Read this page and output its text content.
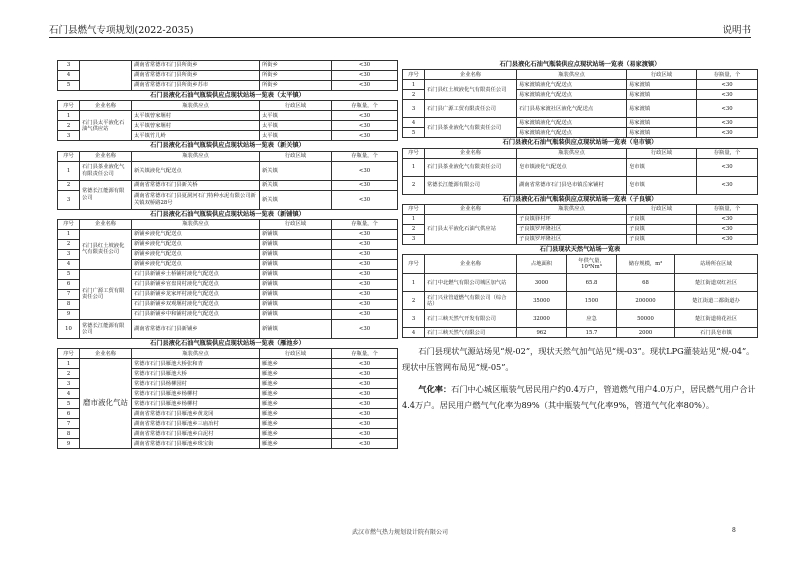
石门县燃气专项规划(2022-2035)	说明书
3		湖南省常德市石门县所街乡	所街乡	<30
4		湖南省常德市石门县所街乡	所街乡	<30
5		湖南省常德市石门县所街乡苏市	所街乡	<30
石门县液化石油气瓶装供应点现状站场一览表（太平镇）				
序号	企业名称	瓶装供应点	行政区域	存瓶量，个
1	石门县太平液化石油气供应站	太平镇曾家堰村	太平镇	<30
2		太平镇曾家堰村	太平镇	<30
3		太平镇竹儿岭	太平镇	<30
石门县液化石油气瓶装供应点现状站场一览表（新关镇）				
序号	企业名称	瓶装供应点	行政区域	存瓶量，个
1	石门县茶业液化气有限责任公司	新关镇液化气配送点	新关镇	<30
2	常德长江能源有限公司	湖南省常德市石门县新关桥	新关镇	<30
3		湖南省常德市石门县夏洞河石门特种水泥有限公司新关镇双桥路28号	新关镇	<30
石门县液化石油气瓶装供应点现状站场一览表（新铺镇）				
序号	企业名称	瓶装供应点	行政区域	存瓶量，个
1	石门县红土坡液化气有限责任公司	新铺乡液化气配送点	新铺镇	<30
2		新铺乡液化气配送点	新铺镇	<30
3		新铺乡液化气配送点	新铺镇	<30
4		新铺乡液化气配送点	新铺镇	<30
5	石门广源工贸有限责任公司	石门县新铺乡土桥铺村液化气配送点	新铺镇	<30
6		石门县新铺乡官盘岗村液化气配送点	新铺镇	<30
7		石门县新铺乡龙家坪村液化气配送点	新铺镇	<30
8		石门县新铺乡双观堰村液化气配送点	新铺镇	<30
9		石门县新铺乡中和铺村液化气配送点	新铺镇	<30
10	常德长江能源有限公司	湖南省常德市石门县新铺乡	新铺镇	<30
石门县液化石油气瓶装供应点现状站场一览表（雁池乡）				
序号	企业名称	瓶装供应点	行政区域	存瓶量，个
1	磨市液化气站	常德市石门县雁池大桥张和青	雁池乡	<30
2		常德市石门县雁池大桥	雁池乡	<30
3		常德市石门县杨柳园村	雁池乡	<30
4		常德市石门县雁池乡杨柳村	雁池乡	<30
5		常德市石门县雁池乡杨柳村	雁池乡	<30
6		湖南省常德市石门县雁池乡黄龙冈	雁池乡	<30
7		湖南省常德市石门县雁池乡三庙冶村	雁池乡	<30
8		湖南省常德市石门县雁池乡白泥村	雁池乡	<30
9		湖南省常德市石门县雁池乡珠宝街	雁池乡	<30
石门县液化石油气瓶装供应点现状站场一览表（易家渡镇）				
序号	企业名称	瓶装供应点	行政区域	存瓶量，个
1	石门县红土坡液化气有限责任公司	易家渡镇液化气配送点	易家渡镇	<30
2		易家渡镇液化气配送点	易家渡镇	<30
3	石门县广源工贸有限责任公司	石门县易家渡社区液化气配送点	易家渡镇	<30
4	石门县茶业液化气有限责任公司	易家渡镇液化气配送点	易家渡镇	<30
5		易家渡镇液化气配送点	易家渡镇	<30
石门县液化石油气瓶装供应点现状站场一览表（皂市镇）				
序号	企业名称	瓶装供应点	行政区域	存瓶量，个
1	石门县茶业液化气有限责任公司	皂市镇液化气配送点	皂市镇	<30
2	常德长江能源有限公司	湖南省常德市石门县皂市镇岳家铺村	皂市镇	<30
石门县液化石油气瓶装供应点现状站场一览表（子良镇）				
序号	企业名称	瓶装供应点	行政区域	存瓶量，个
1	石门县太平液化石油气供应站	子良镇驿村坪	子良镇	<30
2		子良镇罗坪隆社区	子良镇	<30
3		子良镇罗坪隆社区	子良镇	<30
石门县现状天然气站场一览表					
序号	企业名称	占地面积	年供气量，10⁴Nm³	储存规模，m³	站场所在区域
1	石门中北燃气有限公司城区加气站	3000	65.8	68	楚江街道双红社区
2	石门兴业管道燃气有限公司（综合站）	35000	1500	200000	楚江街道二都街道办
3	石门三峡天然气开发有限公司	32000	应急	50000	楚江街道荷花社区
4	石门三峡天然气有限公司	962	15.7	2000	石门县皂市镇

石门县现状气源站场见“规-02”，现状天然气加气站见“规-03”。现状LPG灌装站见“规-04”。现状中压管网布局见“规-05”。

气化率：石门中心城区瓶装气居民用户约0.4万户，管道燃气用户4.0万户，居民燃气用户合计4.4万户。居民用户燃气气化率为89%（其中瓶装气气化率9%，管道气气化率80%）。

武汉市燃气热力规划设计院有限公司	8
